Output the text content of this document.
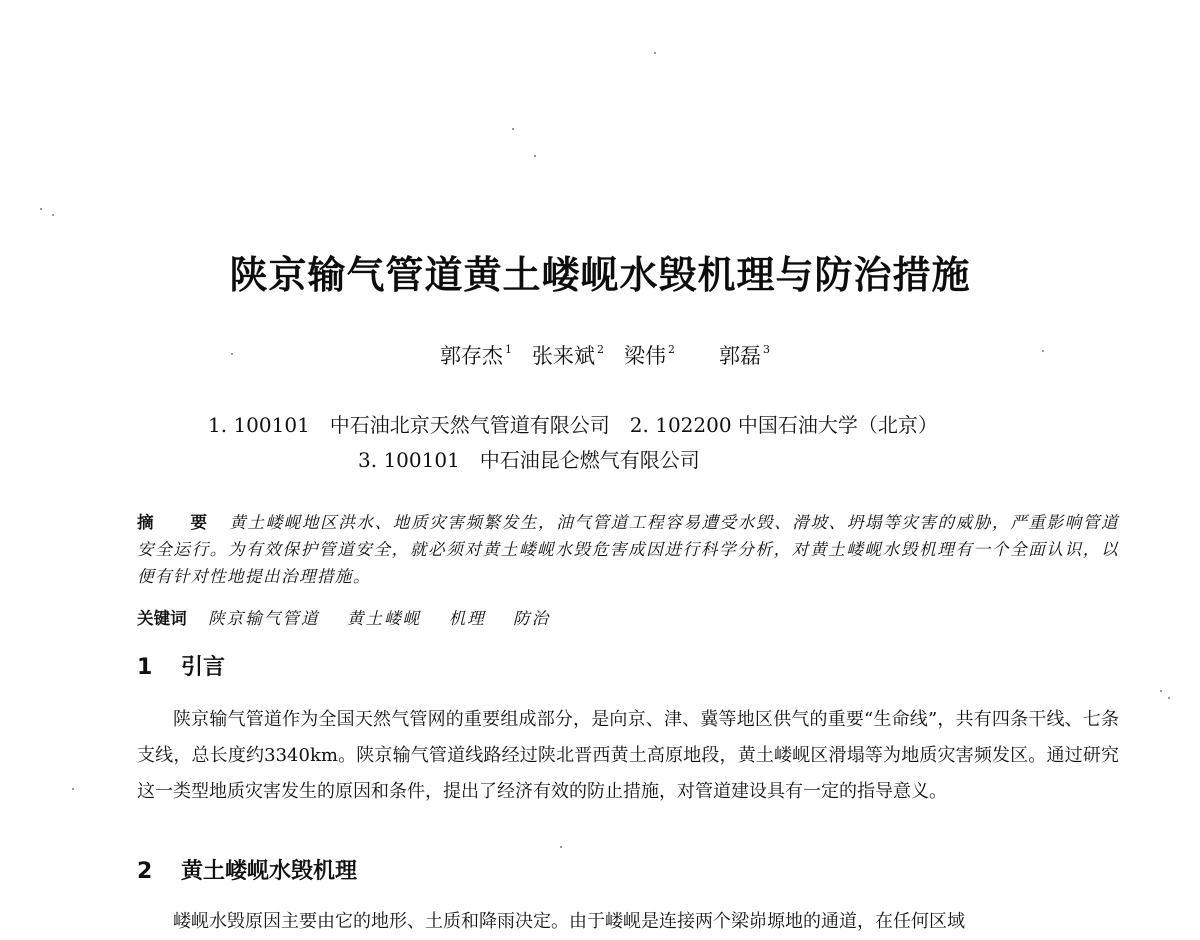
陕京输气管道黄土嵝岘水毁机理与防治措施
郭存杰 $^1$ 张来斌 $^2$ 梁伟 $^2$ 郭磊 $^3$
1. 100101　中石油北京天然气管道有限公司　2. 102200 中国石油大学（北京）
3. 100101　中石油昆仑燃气有限公司
摘　要 黄土嵝岘地区洪水、地质灾害频繁发生，油气管道工程容易遭受水毁、滑坡、坍塌等灾害的威胁，严重影响管道安全运行。为有效保护管道安全，就必须对黄土嵝岘水毁危害成因进行科学分析，对黄土嵝岘水毁机理有一个全面认识，以便有针对性地提出治理措施。
关键词 陕京输气管道 黄土嵝岘 机理 防治
1 引言

陕京输气管道作为全国天然气管网的重要组成部分，是向京、津、冀等地区供气的重要“生命线”，共有四条干线、七条支线，总长度约3340km。陕京输气管道线路经过陕北晋西黄土高原地段，黄土嵝岘区滑塌等为地质灾害频发区。通过研究这一类型地质灾害发生的原因和条件，提出了经济有效的防止措施，对管道建设具有一定的指导意义。

2 黄土嵝岘水毁机理

嵝岘水毁原因主要由它的地形、土质和降雨决定。由于嵝岘是连接两个梁峁塬地的通道，在任何区域
